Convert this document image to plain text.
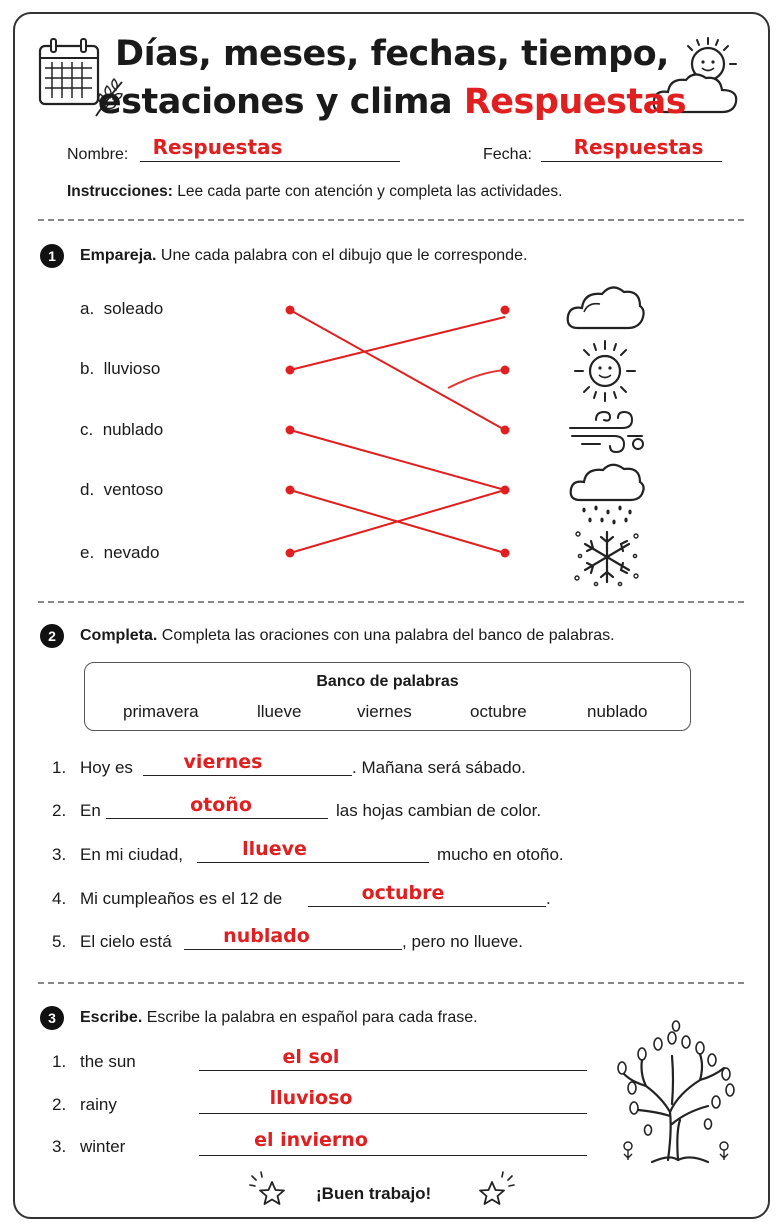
Días, meses, fechas, tiempo,
estaciones y clima Respuestas
Nombre:	Respuestas	Fecha:	Respuestas
Instrucciones: Lee cada parte con atención y completa las actividades.
1	Empareja. Une cada palabra con el dibujo que le corresponde.
a. soleado
b. lluvioso
c. nublado
d. ventoso
e. nevado
2	Completa. Completa las oraciones con una palabra del banco de palabras.
Banco de palabras
primavera	llueve	viernes	octubre	nublado
1. Hoy es	viernes	. Mañana será sábado.
2. En	otoño	las hojas cambian de color.
3. En mi ciudad,	llueve	mucho en otoño.
4. Mi cumpleaños es el 12 de	octubre	.
5. El cielo está	nublado	, pero no llueve.
3	Escribe. Escribe la palabra en español para cada frase.
1. the sun	el sol
2. rainy	lluvioso
3. winter	el invierno
¡Buen trabajo!
